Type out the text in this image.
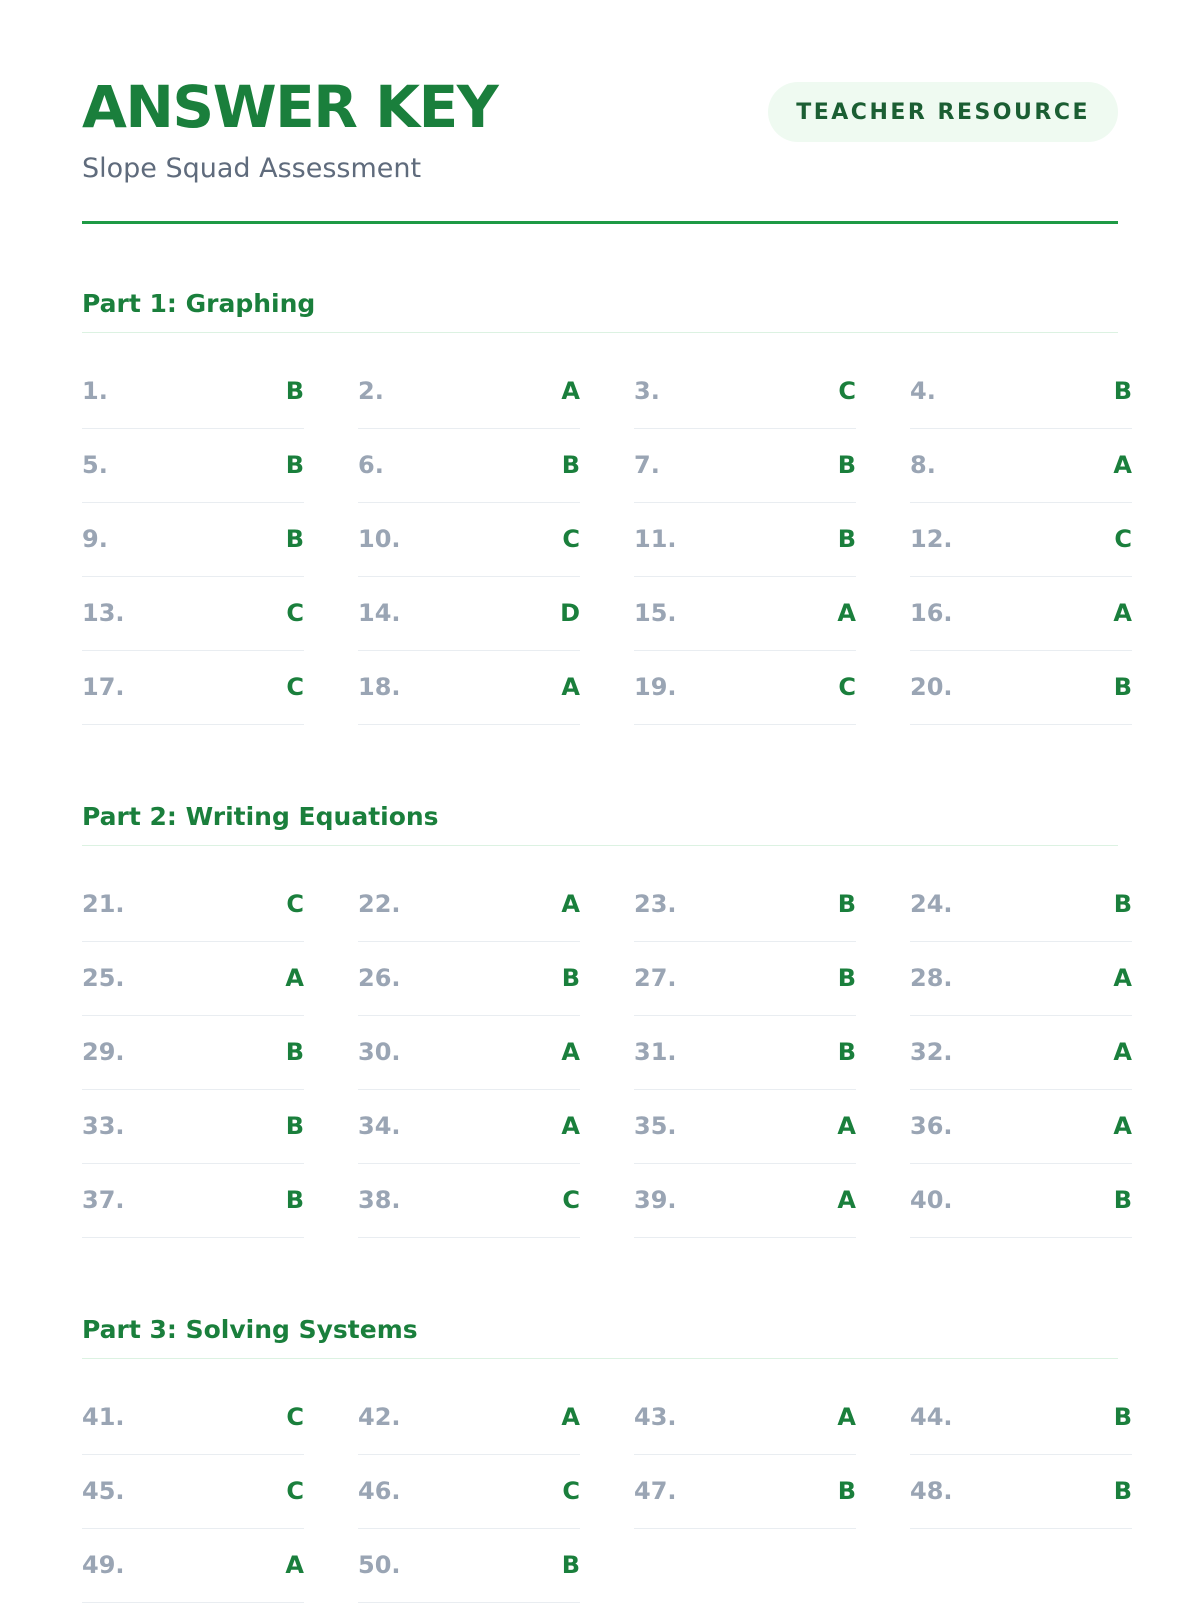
ANSWER KEY
Slope Squad Assessment
TEACHER RESOURCE
Part 1: Graphing
1.	B 2.	A 3.	C 4.	B
5.	B 6.	B 7.	B 8.	A
9.	B 10.	C 11.	B 12.	C
13.	C 14.	D 15.	A 16.	A
17.	C 18.	A 19.	C 20.	B
Part 2: Writing Equations
21.	C 22.	A 23.	B 24.	B
25.	A 26.	B 27.	B 28.	A
29.	B 30.	A 31.	B 32.	A
33.	B 34.	A 35.	A 36.	A
37.	B 38.	C 39.	A 40.	B
Part 3: Solving Systems
41.	C 42.	A 43.	A 44.	B
45.	C 46.	C 47.	B 48.	B
49.	A 50.	B
